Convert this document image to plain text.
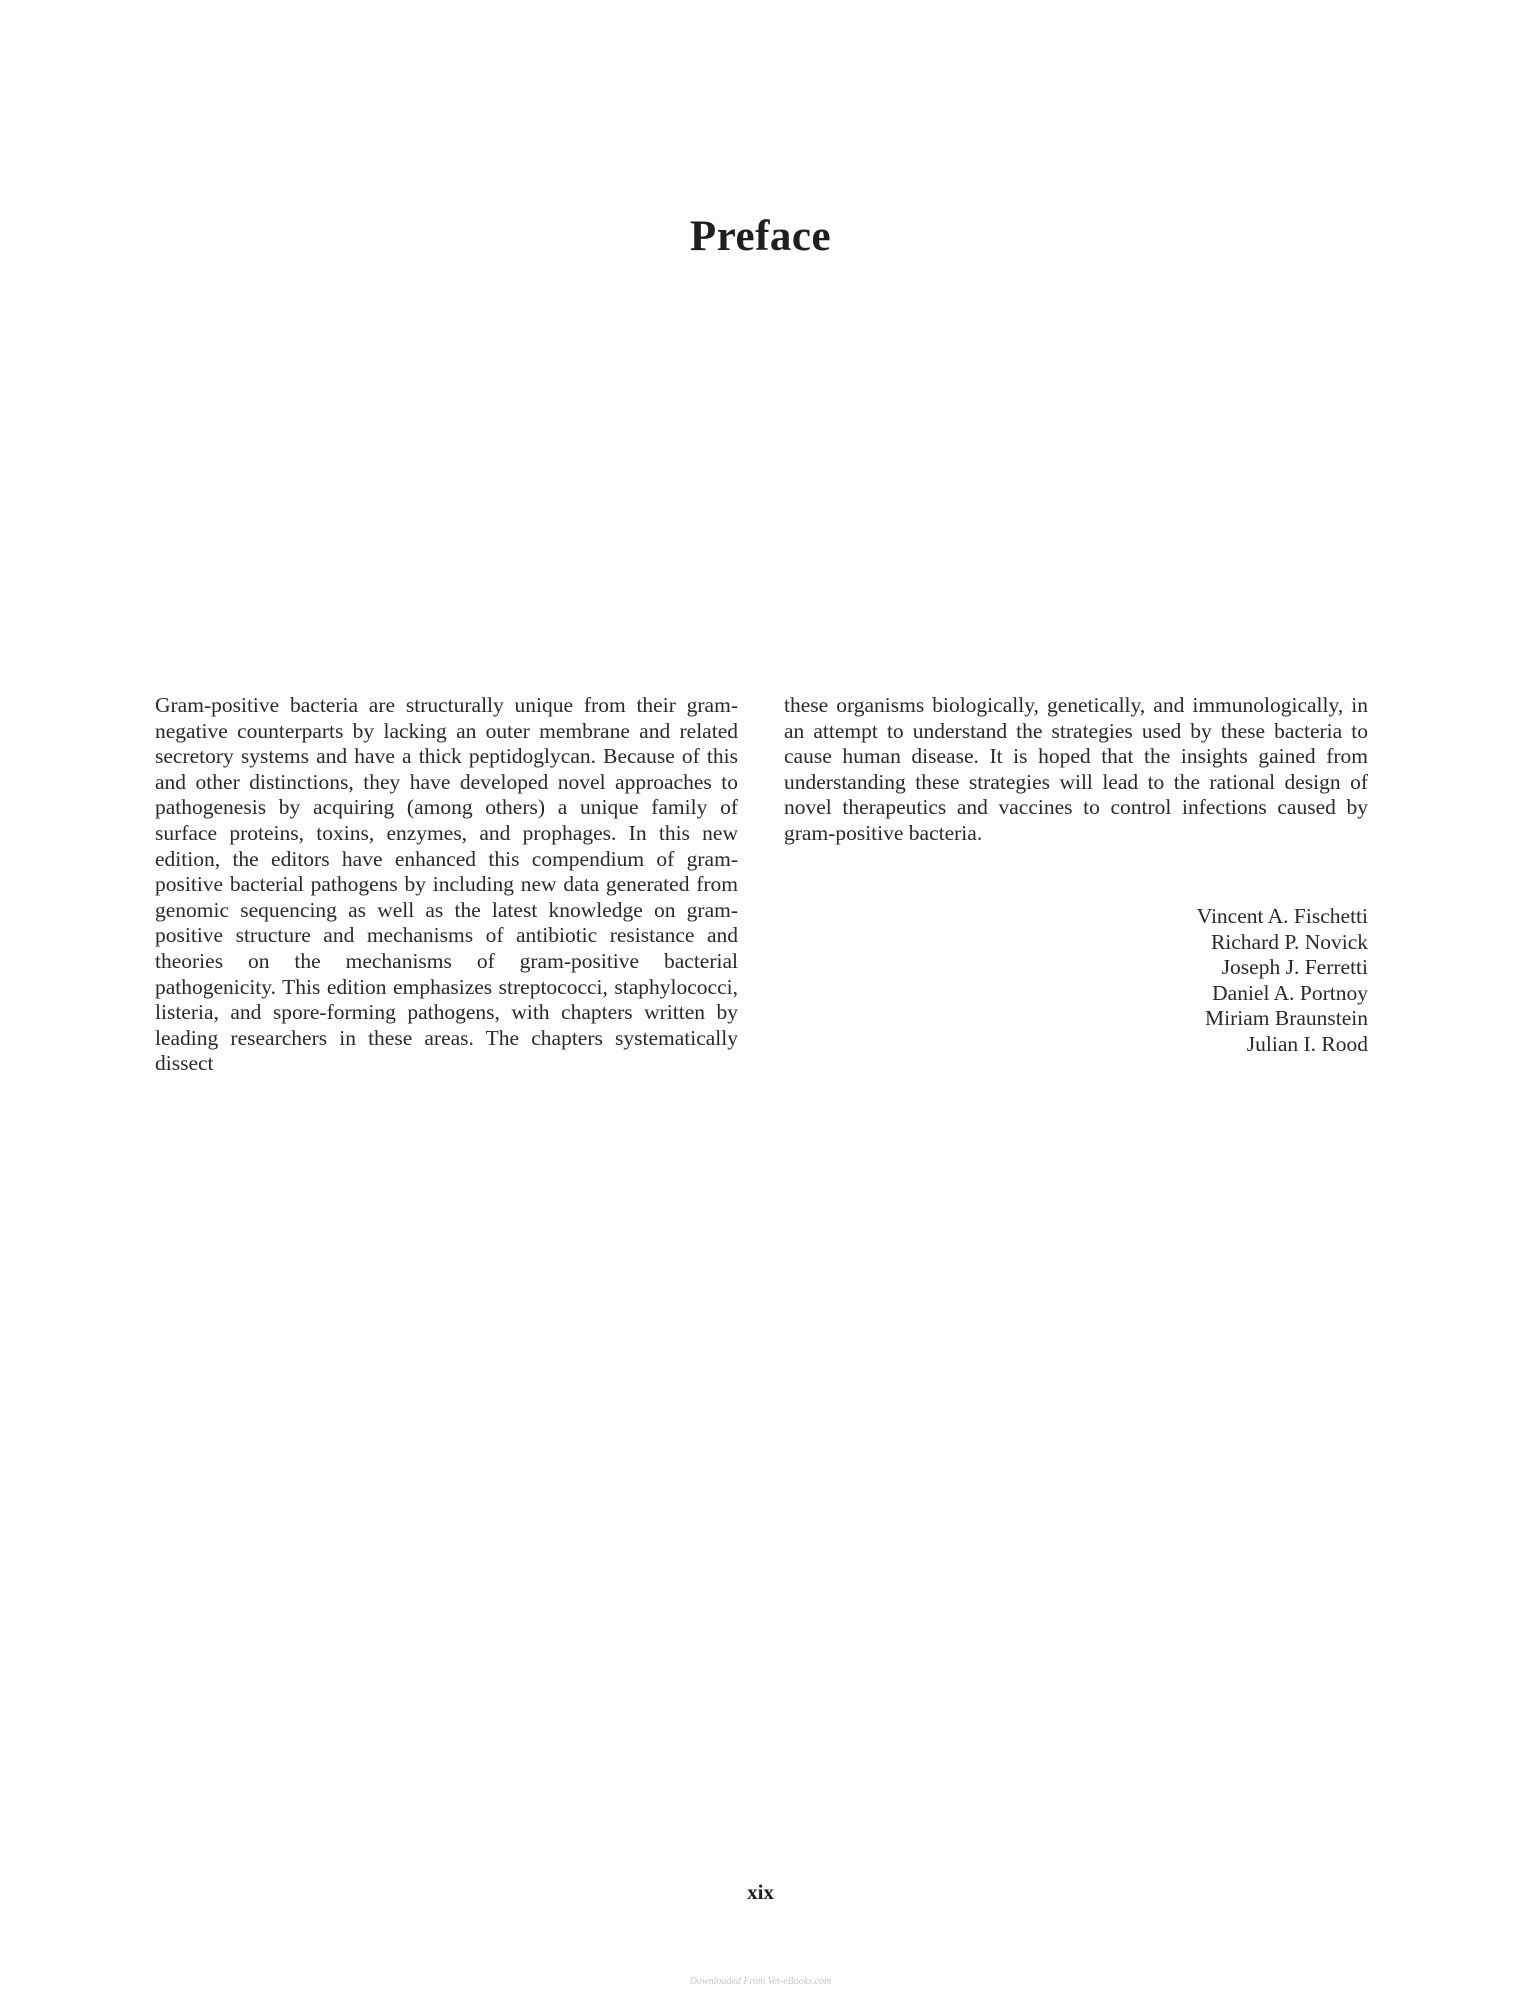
Preface
Gram-positive bacteria are structurally unique from their gram-negative counterparts by lacking an outer membrane and related secretory systems and have a thick peptidoglycan. Because of this and other distinctions, they have developed novel approaches to pathogenesis by acquiring (among others) a unique family of surface proteins, toxins, enzymes, and prophages. In this new edition, the editors have enhanced this compendium of gram-positive bacterial pathogens by including new data generated from genomic sequencing as well as the latest knowledge on gram-positive structure and mechanisms of antibiotic resistance and theories on the mechanisms of gram-positive bacterial pathogenicity. This edition emphasizes streptococci, staphylococci, listeria, and spore-forming pathogens, with chapters written by leading researchers in these areas. The chapters systematically dissect
these organisms biologically, genetically, and immunologically, in an attempt to understand the strategies used by these bacteria to cause human disease. It is hoped that the insights gained from understanding these strategies will lead to the rational design of novel therapeutics and vaccines to control infections caused by gram-positive bacteria.
Vincent A. Fischetti
Richard P. Novick
Joseph J. Ferretti
Daniel A. Portnoy
Miriam Braunstein
Julian I. Rood
xix
Downloaded From Vet-eBooks.com
